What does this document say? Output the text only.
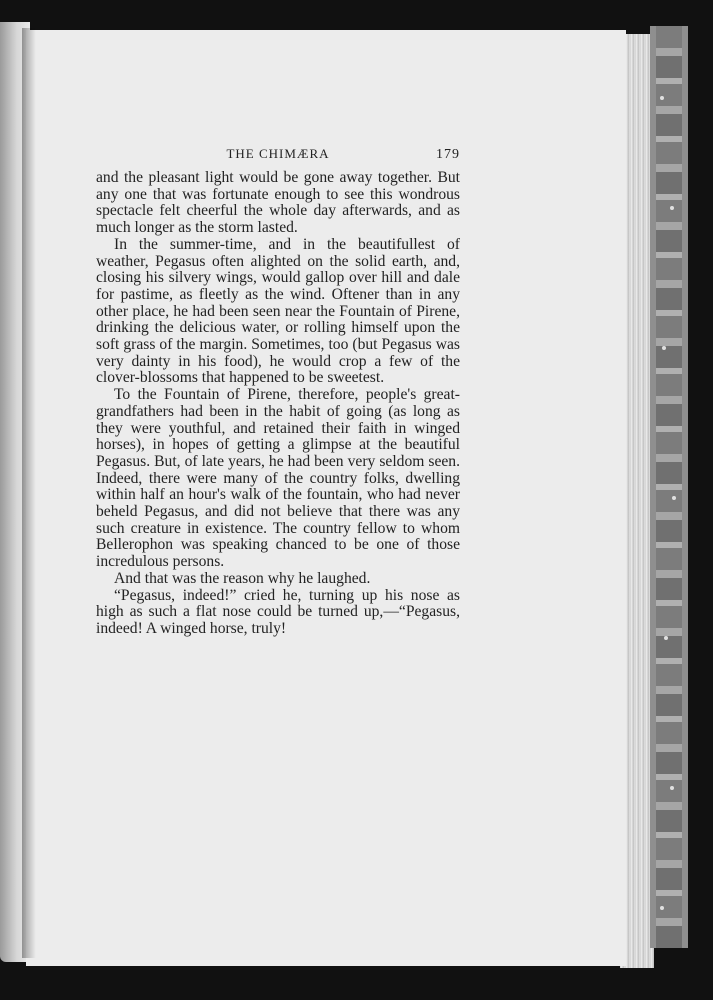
THE CHIMÆRA	179

and the pleasant light would be gone away together. But any one that was fortunate enough to see this wondrous spectacle felt cheerful the whole day afterwards, and as much longer as the storm lasted.

In the summer-time, and in the beautifullest of weather, Pegasus often alighted on the solid earth, and, closing his silvery wings, would gallop over hill and dale for pastime, as fleetly as the wind. Oftener than in any other place, he had been seen near the Fountain of Pirene, drinking the delicious water, or rolling himself upon the soft grass of the margin. Sometimes, too (but Pegasus was very dainty in his food), he would crop a few of the clover-blossoms that happened to be sweetest.

To the Fountain of Pirene, therefore, people's great-grandfathers had been in the habit of going (as long as they were youthful, and retained their faith in winged horses), in hopes of getting a glimpse at the beautiful Pegasus. But, of late years, he had been very seldom seen. Indeed, there were many of the country folks, dwelling within half an hour's walk of the fountain, who had never beheld Pegasus, and did not believe that there was any such creature in existence. The country fellow to whom Bellerophon was speaking chanced to be one of those incredulous persons.

And that was the reason why he laughed.

“Pegasus, indeed!” cried he, turning up his nose as high as such a flat nose could be turned up,—“Pegasus, indeed! A winged horse, truly!
